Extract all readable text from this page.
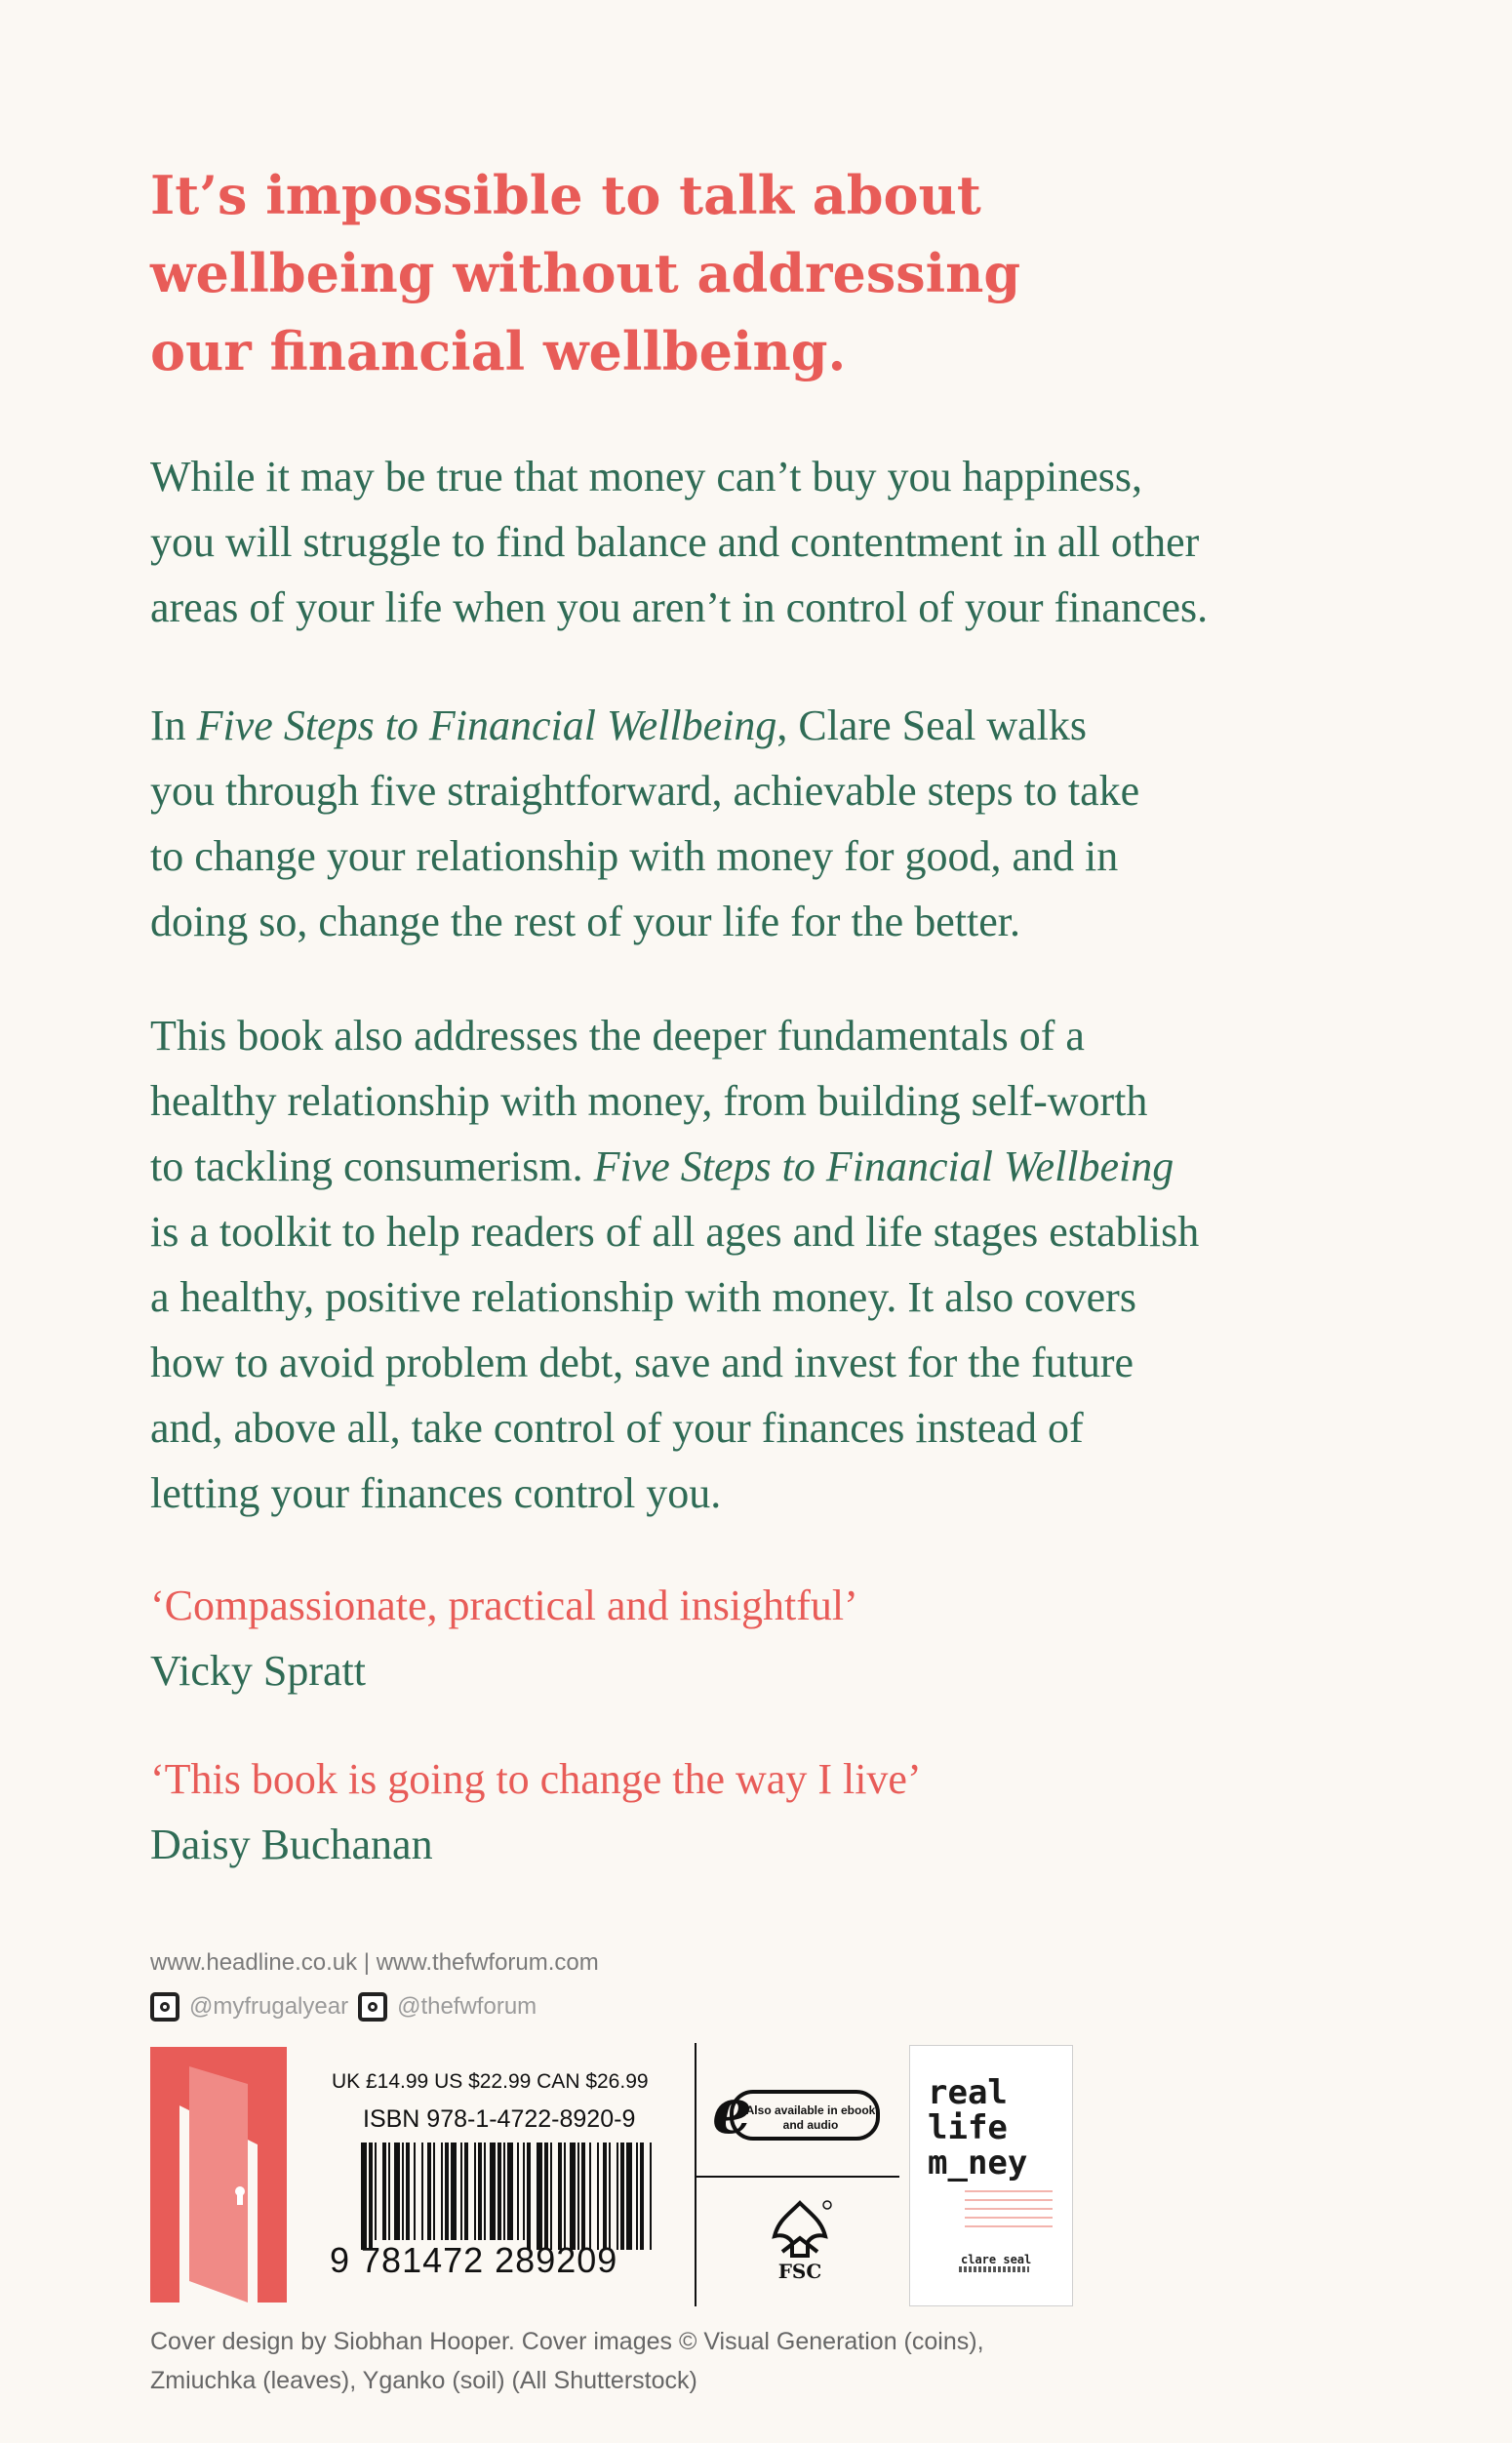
It’s impossible to talk about
wellbeing without addressing
our financial wellbeing.
While it may be true that money can’t buy you happiness,
you will struggle to find balance and contentment in all other
areas of your life when you aren’t in control of your finances.
In Five Steps to Financial Wellbeing, Clare Seal walks
you through five straightforward, achievable steps to take
to change your relationship with money for good, and in
doing so, change the rest of your life for the better.
This book also addresses the deeper fundamentals of a
healthy relationship with money, from building self-worth
to tackling consumerism. Five Steps to Financial Wellbeing
is a toolkit to help readers of all ages and life stages establish
a healthy, positive relationship with money. It also covers
how to avoid problem debt, save and invest for the future
and, above all, take control of your finances instead of
letting your finances control you.
‘Compassionate, practical and insightful’
Vicky Spratt
‘This book is going to change the way I live’
Daisy Buchanan
www.headline.co.uk | www.thefwforum.com
@myfrugalyear @thefwforum
UK £14.99 US $22.99 CAN $26.99
ISBN 978-1-4722-8920-9
9 781472 289209
e
Also available in ebook and audio
FSC
real
life
m_ney
clare seal
Cover design by Siobhan Hooper. Cover images © Visual Generation (coins),
Zmiuchka (leaves), Yganko (soil) (All Shutterstock)
